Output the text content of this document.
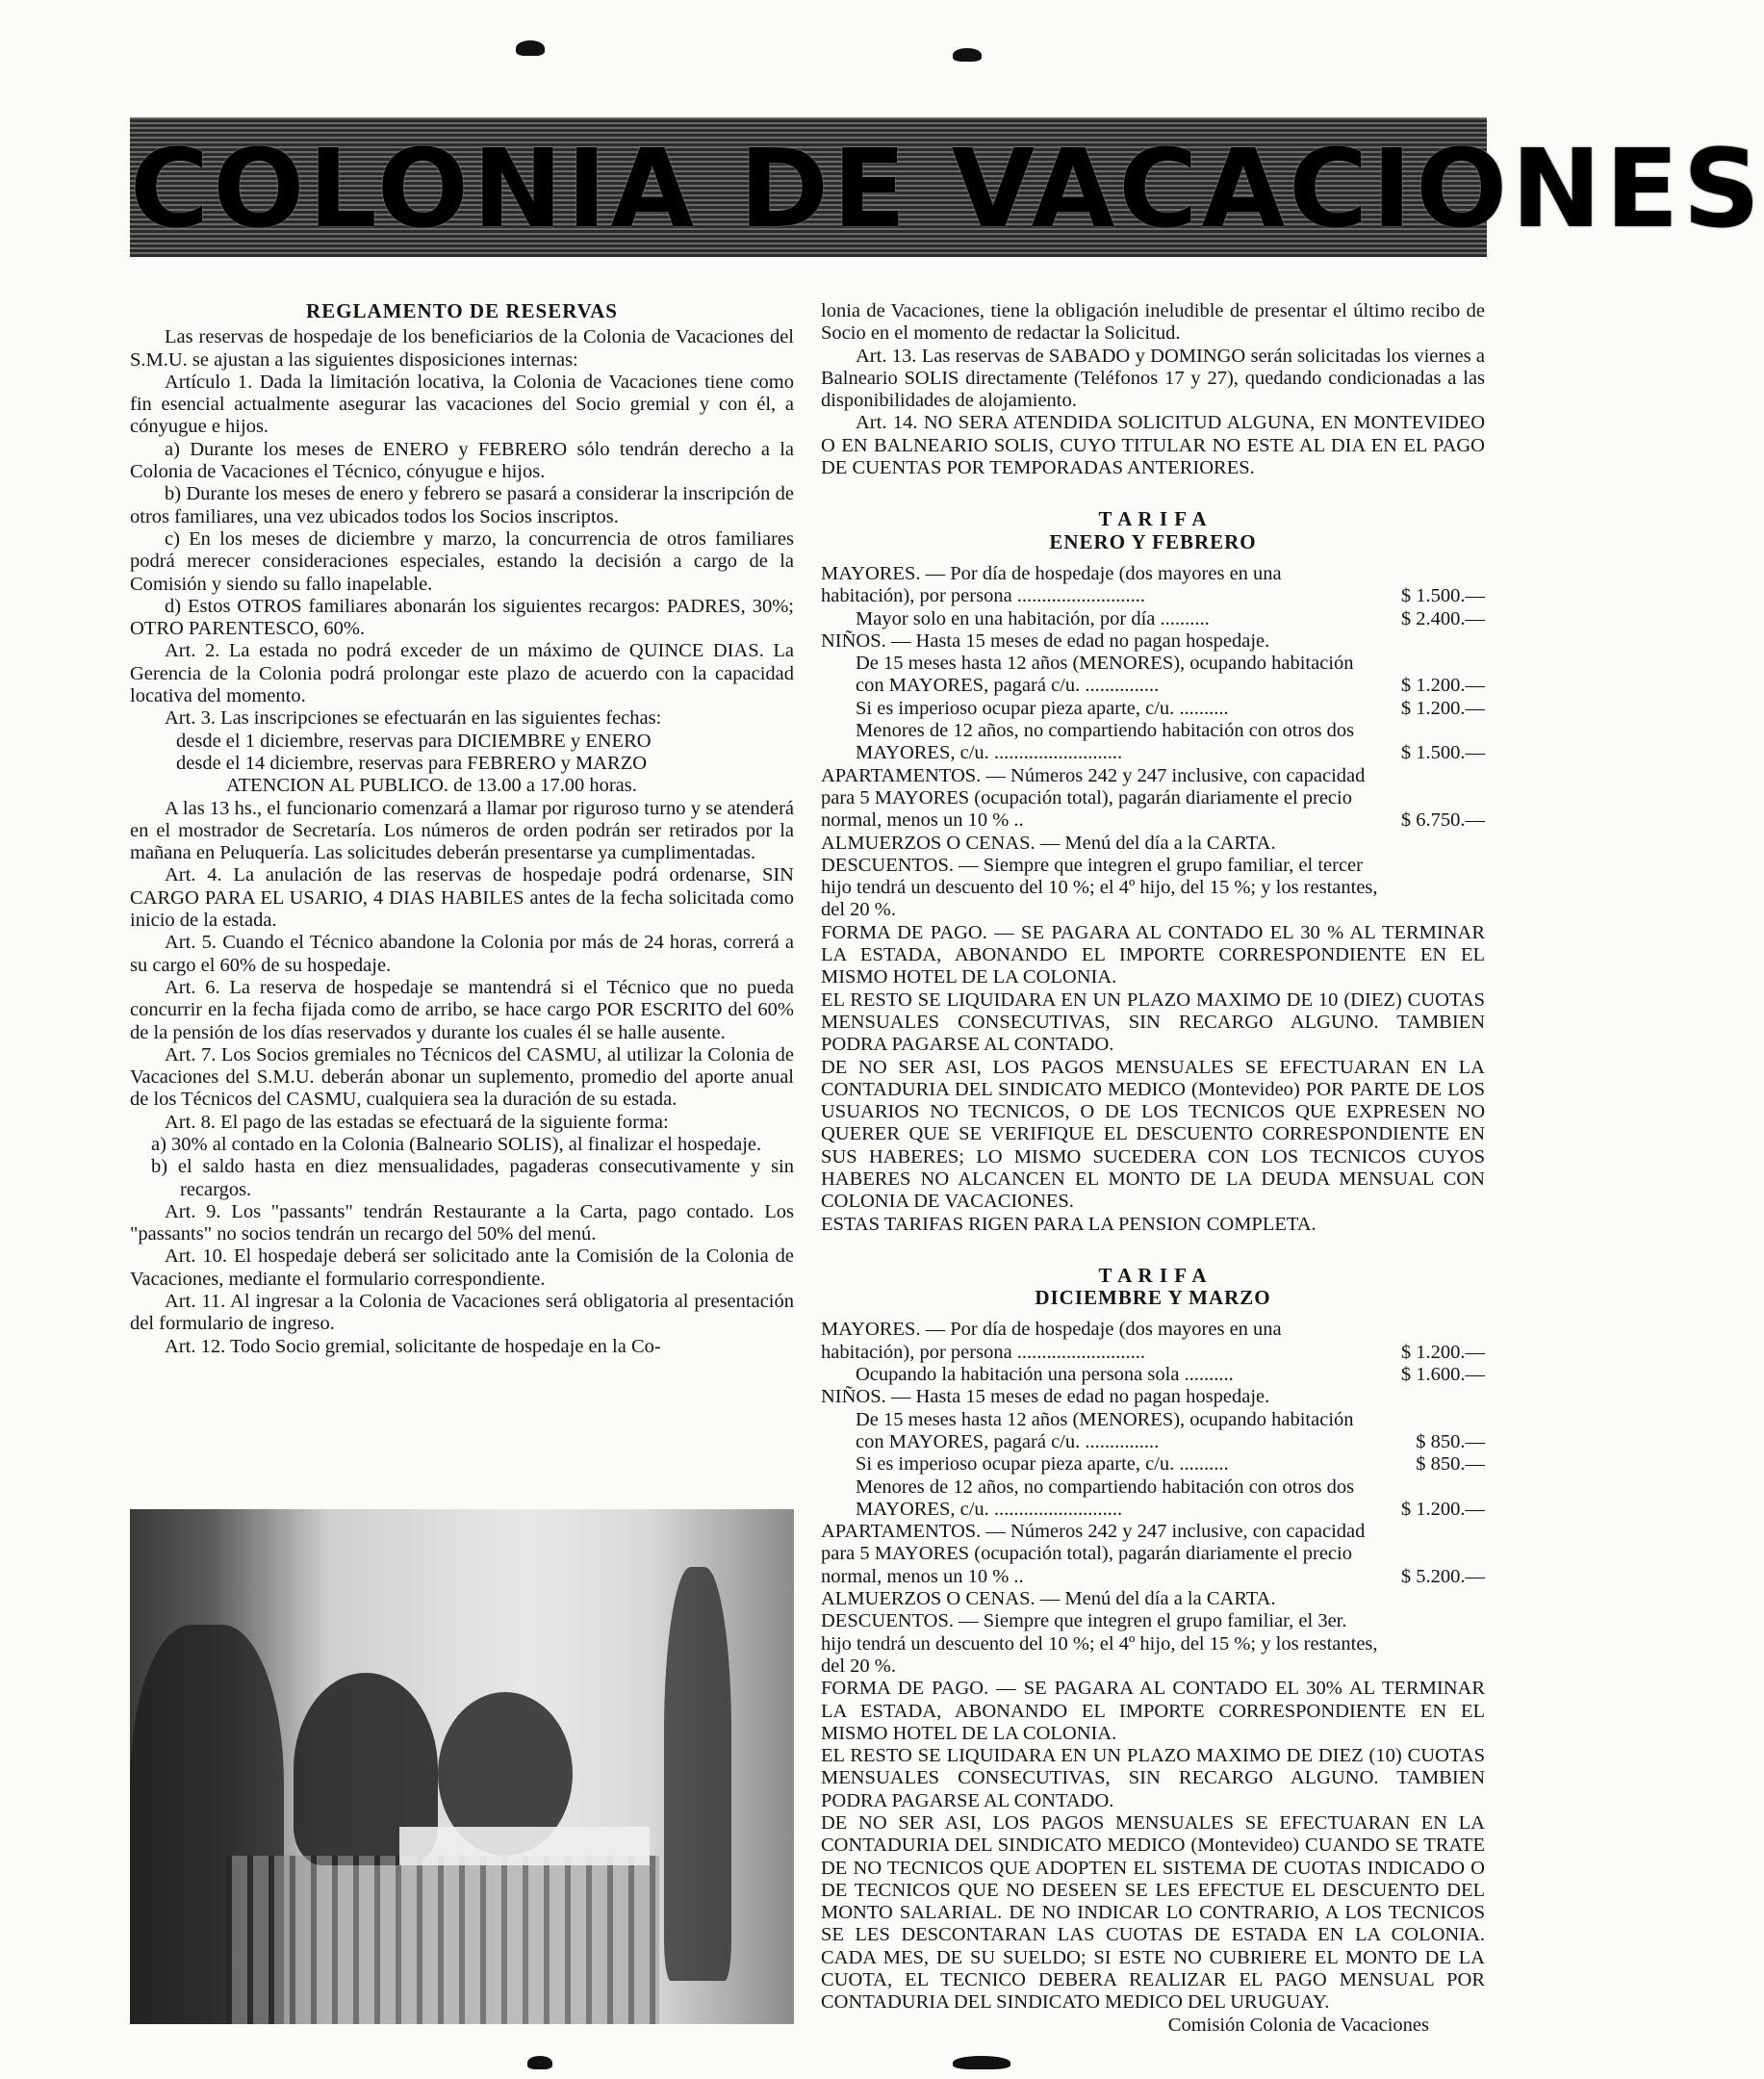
COLONIA DE VACACIONES

REGLAMENTO DE RESERVAS

Las reservas de hospedaje de los beneficiarios de la Colonia de Vacaciones del S.M.U. se ajustan a las siguientes disposiciones internas:

Artículo 1. Dada la limitación locativa, la Colonia de Vacaciones tiene como fin esencial actualmente asegurar las vacaciones del Socio gremial y con él, a cónyugue e hijos.

a) Durante los meses de ENERO y FEBRERO sólo tendrán derecho a la Colonia de Vacaciones el Técnico, cónyugue e hijos.

b) Durante los meses de enero y febrero se pasará a considerar la inscripción de otros familiares, una vez ubicados todos los Socios inscriptos.

c) En los meses de diciembre y marzo, la concurrencia de otros familiares podrá merecer consideraciones especiales, estando la decisión a cargo de la Comisión y siendo su fallo inapelable.

d) Estos OTROS familiares abonarán los siguientes recargos: PADRES, 30%; OTRO PARENTESCO, 60%.

Art. 2. La estada no podrá exceder de un máximo de QUINCE DIAS. La Gerencia de la Colonia podrá prolongar este plazo de acuerdo con la capacidad locativa del momento.

Art. 3. Las inscripciones se efectuarán en las siguientes fechas:

desde el 1 diciembre, reservas para DICIEMBRE y ENERO

desde el 14 diciembre, reservas para FEBRERO y MARZO

ATENCION AL PUBLICO. de 13.00 a 17.00 horas.

A las 13 hs., el funcionario comenzará a llamar por riguroso turno y se atenderá en el mostrador de Secretaría. Los números de orden podrán ser retirados por la mañana en Peluquería. Las solicitudes deberán presentarse ya cumplimentadas.

Art. 4. La anulación de las reservas de hospedaje podrá ordenarse, SIN CARGO PARA EL USARIO, 4 DIAS HABILES antes de la fecha solicitada como inicio de la estada.

Art. 5. Cuando el Técnico abandone la Colonia por más de 24 horas, correrá a su cargo el 60% de su hospedaje.

Art. 6. La reserva de hospedaje se mantendrá si el Técnico que no pueda concurrir en la fecha fijada como de arribo, se hace cargo POR ESCRITO del 60% de la pensión de los días reservados y durante los cuales él se halle ausente.

Art. 7. Los Socios gremiales no Técnicos del CASMU, al utilizar la Colonia de Vacaciones del S.M.U. deberán abonar un suplemento, promedio del aporte anual de los Técnicos del CASMU, cualquiera sea la duración de su estada.

Art. 8. El pago de las estadas se efectuará de la siguiente forma:

a) 30% al contado en la Colonia (Balneario SOLIS), al finalizar el hospedaje.

b) el saldo hasta en diez mensualidades, pagaderas consecutivamente y sin recargos.

Art. 9. Los "passants" tendrán Restaurante a la Carta, pago contado. Los "passants" no socios tendrán un recargo del 50% del menú.

Art. 10. El hospedaje deberá ser solicitado ante la Comisión de la Colonia de Vacaciones, mediante el formulario correspondiente.

Art. 11. Al ingresar a la Colonia de Vacaciones será obligatoria al presentación del formulario de ingreso.

Art. 12. Todo Socio gremial, solicitante de hospedaje en la Co-

lonia de Vacaciones, tiene la obligación ineludible de presentar el último recibo de Socio en el momento de redactar la Solicitud.

Art. 13. Las reservas de SABADO y DOMINGO serán solicitadas los viernes a Balneario SOLIS directamente (Teléfonos 17 y 27), quedando condicionadas a las disponibilidades de alojamiento.

Art. 14. NO SERA ATENDIDA SOLICITUD ALGUNA, EN MONTEVIDEO O EN BALNEARIO SOLIS, CUYO TITULAR NO ESTE AL DIA EN EL PAGO DE CUENTAS POR TEMPORADAS ANTERIORES.

T A R I F A

ENERO Y FEBRERO

MAYORES. — Por día de hospedaje (dos mayores en una habitación), por persona ..........................	$ 1.500.—
Mayor solo en una habitación, por día ..........	$ 2.400.—
NIÑOS. — Hasta 15 meses de edad no pagan hospedaje.
De 15 meses hasta 12 años (MENORES), ocupando habitación con MAYORES, pagará c/u. ...............	$ 1.200.—
Si es imperioso ocupar pieza aparte, c/u. ..........	$ 1.200.—
Menores de 12 años, no compartiendo habitación con otros dos MAYORES, c/u. ..........................	$ 1.500.—
APARTAMENTOS. — Números 242 y 247 inclusive, con capacidad para 5 MAYORES (ocupación total), pagarán diariamente el precio normal, menos un 10 % ..	$ 6.750.—
ALMUERZOS O CENAS. — Menú del día a la CARTA.
DESCUENTOS. — Siempre que integren el grupo familiar, el tercer hijo tendrá un descuento del 10 %; el 4º hijo, del 15 %; y los restantes, del 20 %.

FORMA DE PAGO. — SE PAGARA AL CONTADO EL 30 % AL TERMINAR LA ESTADA, ABONANDO EL IMPORTE CORRESPONDIENTE EN EL MISMO HOTEL DE LA COLONIA.

EL RESTO SE LIQUIDARA EN UN PLAZO MAXIMO DE 10 (DIEZ) CUOTAS MENSUALES CONSECUTIVAS, SIN RECARGO ALGUNO. TAMBIEN PODRA PAGARSE AL CONTADO.

DE NO SER ASI, LOS PAGOS MENSUALES SE EFECTUARAN EN LA CONTADURIA DEL SINDICATO MEDICO (Montevideo) POR PARTE DE LOS USUARIOS NO TECNICOS, O DE LOS TECNICOS QUE EXPRESEN NO QUERER QUE SE VERIFIQUE EL DESCUENTO CORRESPONDIENTE EN SUS HABERES; LO MISMO SUCEDERA CON LOS TECNICOS CUYOS HABERES NO ALCANCEN EL MONTO DE LA DEUDA MENSUAL CON COLONIA DE VACACIONES.

ESTAS TARIFAS RIGEN PARA LA PENSION COMPLETA.

T A R I F A

DICIEMBRE Y MARZO

MAYORES. — Por día de hospedaje (dos mayores en una habitación), por persona ..........................	$ 1.200.—
Ocupando la habitación una persona sola ..........	$ 1.600.—
NIÑOS. — Hasta 15 meses de edad no pagan hospedaje.
De 15 meses hasta 12 años (MENORES), ocupando habitación con MAYORES, pagará c/u. ...............	$ 850.—
Si es imperioso ocupar pieza aparte, c/u. ..........	$ 850.—
Menores de 12 años, no compartiendo habitación con otros dos MAYORES, c/u. ..........................	$ 1.200.—
APARTAMENTOS. — Números 242 y 247 inclusive, con capacidad para 5 MAYORES (ocupación total), pagarán diariamente el precio normal, menos un 10 % ..	$ 5.200.—
ALMUERZOS O CENAS. — Menú del día a la CARTA.
DESCUENTOS. — Siempre que integren el grupo familiar, el 3er. hijo tendrá un descuento del 10 %; el 4º hijo, del 15 %; y los restantes, del 20 %.

FORMA DE PAGO. — SE PAGARA AL CONTADO EL 30% AL TERMINAR LA ESTADA, ABONANDO EL IMPORTE CORRESPONDIENTE EN EL MISMO HOTEL DE LA COLONIA.

EL RESTO SE LIQUIDARA EN UN PLAZO MAXIMO DE DIEZ (10) CUOTAS MENSUALES CONSECUTIVAS, SIN RECARGO ALGUNO. TAMBIEN PODRA PAGARSE AL CONTADO.

DE NO SER ASI, LOS PAGOS MENSUALES SE EFECTUARAN EN LA CONTADURIA DEL SINDICATO MEDICO (Montevideo) CUANDO SE TRATE DE NO TECNICOS QUE ADOPTEN EL SISTEMA DE CUOTAS INDICADO O DE TECNICOS QUE NO DESEEN SE LES EFECTUE EL DESCUENTO DEL MONTO SALARIAL. DE NO INDICAR LO CONTRARIO, A LOS TECNICOS SE LES DESCONTARAN LAS CUOTAS DE ESTADA EN LA COLONIA. CADA MES, DE SU SUELDO; SI ESTE NO CUBRIERE EL MONTO DE LA CUOTA, EL TECNICO DEBERA REALIZAR EL PAGO MENSUAL POR CONTADURIA DEL SINDICATO MEDICO DEL URUGUAY.

Comisión Colonia de Vacaciones
